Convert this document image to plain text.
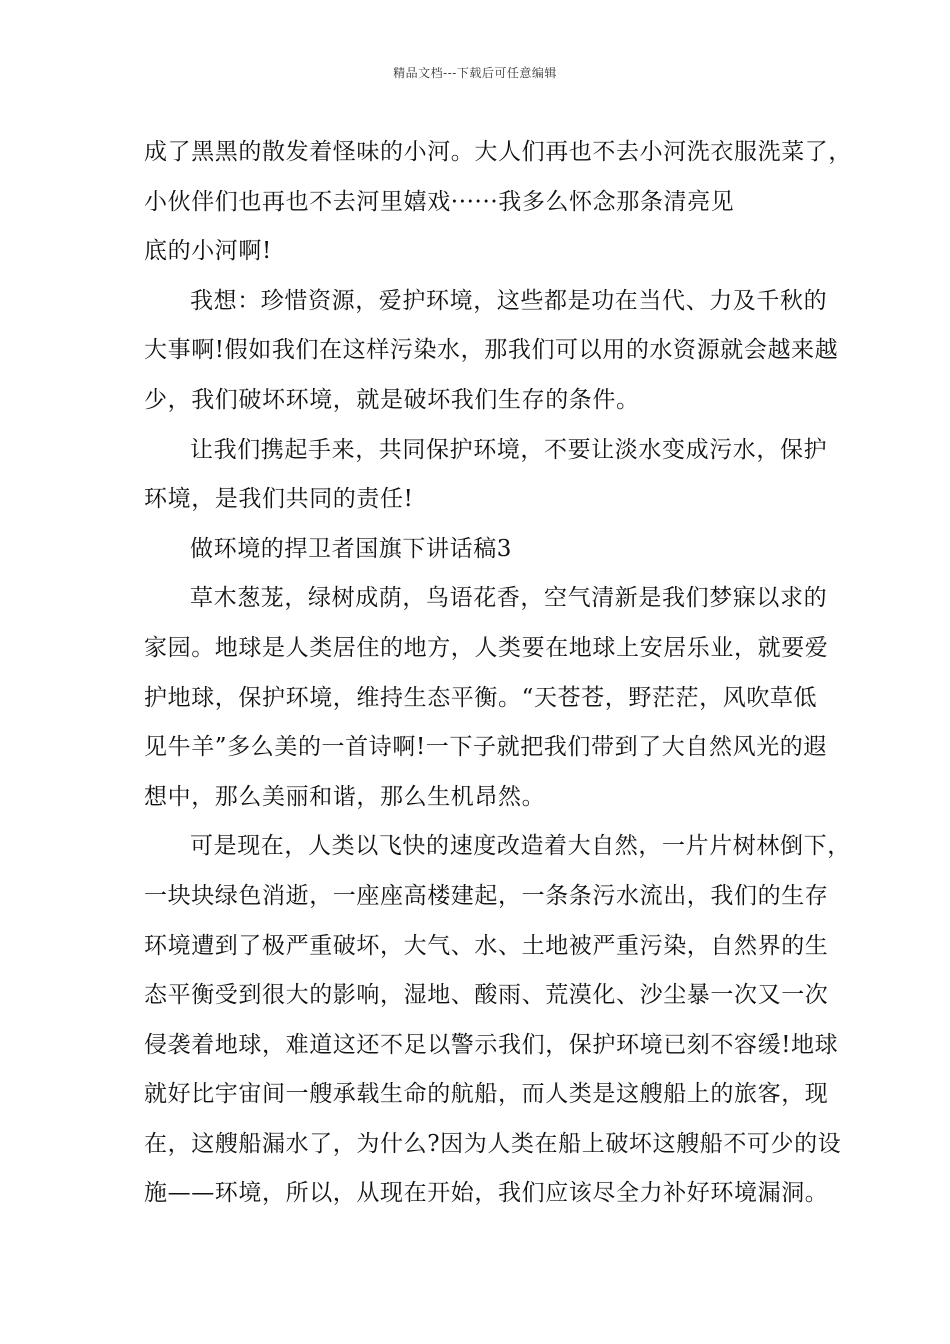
精品文档---下载后可任意编辑
成了黑黑的散发着怪味的小河。大人们再也不去小河洗衣服洗菜了，
小伙伴们也再也不去河里嬉戏······我多么怀念那条清亮见
底的小河啊!
我想：珍惜资源，爱护环境，这些都是功在当代、力及千秋的
大事啊!假如我们在这样污染水，那我们可以用的水资源就会越来越
少，我们破坏环境，就是破坏我们生存的条件。
让我们携起手来，共同保护环境，不要让淡水变成污水，保护
环境，是我们共同的责任!
做环境的捍卫者国旗下讲话稿3
草木葱茏，绿树成荫，鸟语花香，空气清新是我们梦寐以求的
家园。地球是人类居住的地方，人类要在地球上安居乐业，就要爱
护地球，保护环境，维持生态平衡。“天苍苍，野茫茫，风吹草低
见牛羊”多么美的一首诗啊!一下子就把我们带到了大自然风光的遐
想中，那么美丽和谐，那么生机昂然。
可是现在，人类以飞快的速度改造着大自然，一片片树林倒下，
一块块绿色消逝，一座座高楼建起，一条条污水流出，我们的生存
环境遭到了极严重破坏，大气、水、土地被严重污染，自然界的生
态平衡受到很大的影响，湿地、酸雨、荒漠化、沙尘暴一次又一次
侵袭着地球，难道这还不足以警示我们，保护环境已刻不容缓!地球
就好比宇宙间一艘承载生命的航船，而人类是这艘船上的旅客，现
在，这艘船漏水了，为什么?因为人类在船上破坏这艘船不可少的设
施——环境，所以，从现在开始，我们应该尽全力补好环境漏洞。
